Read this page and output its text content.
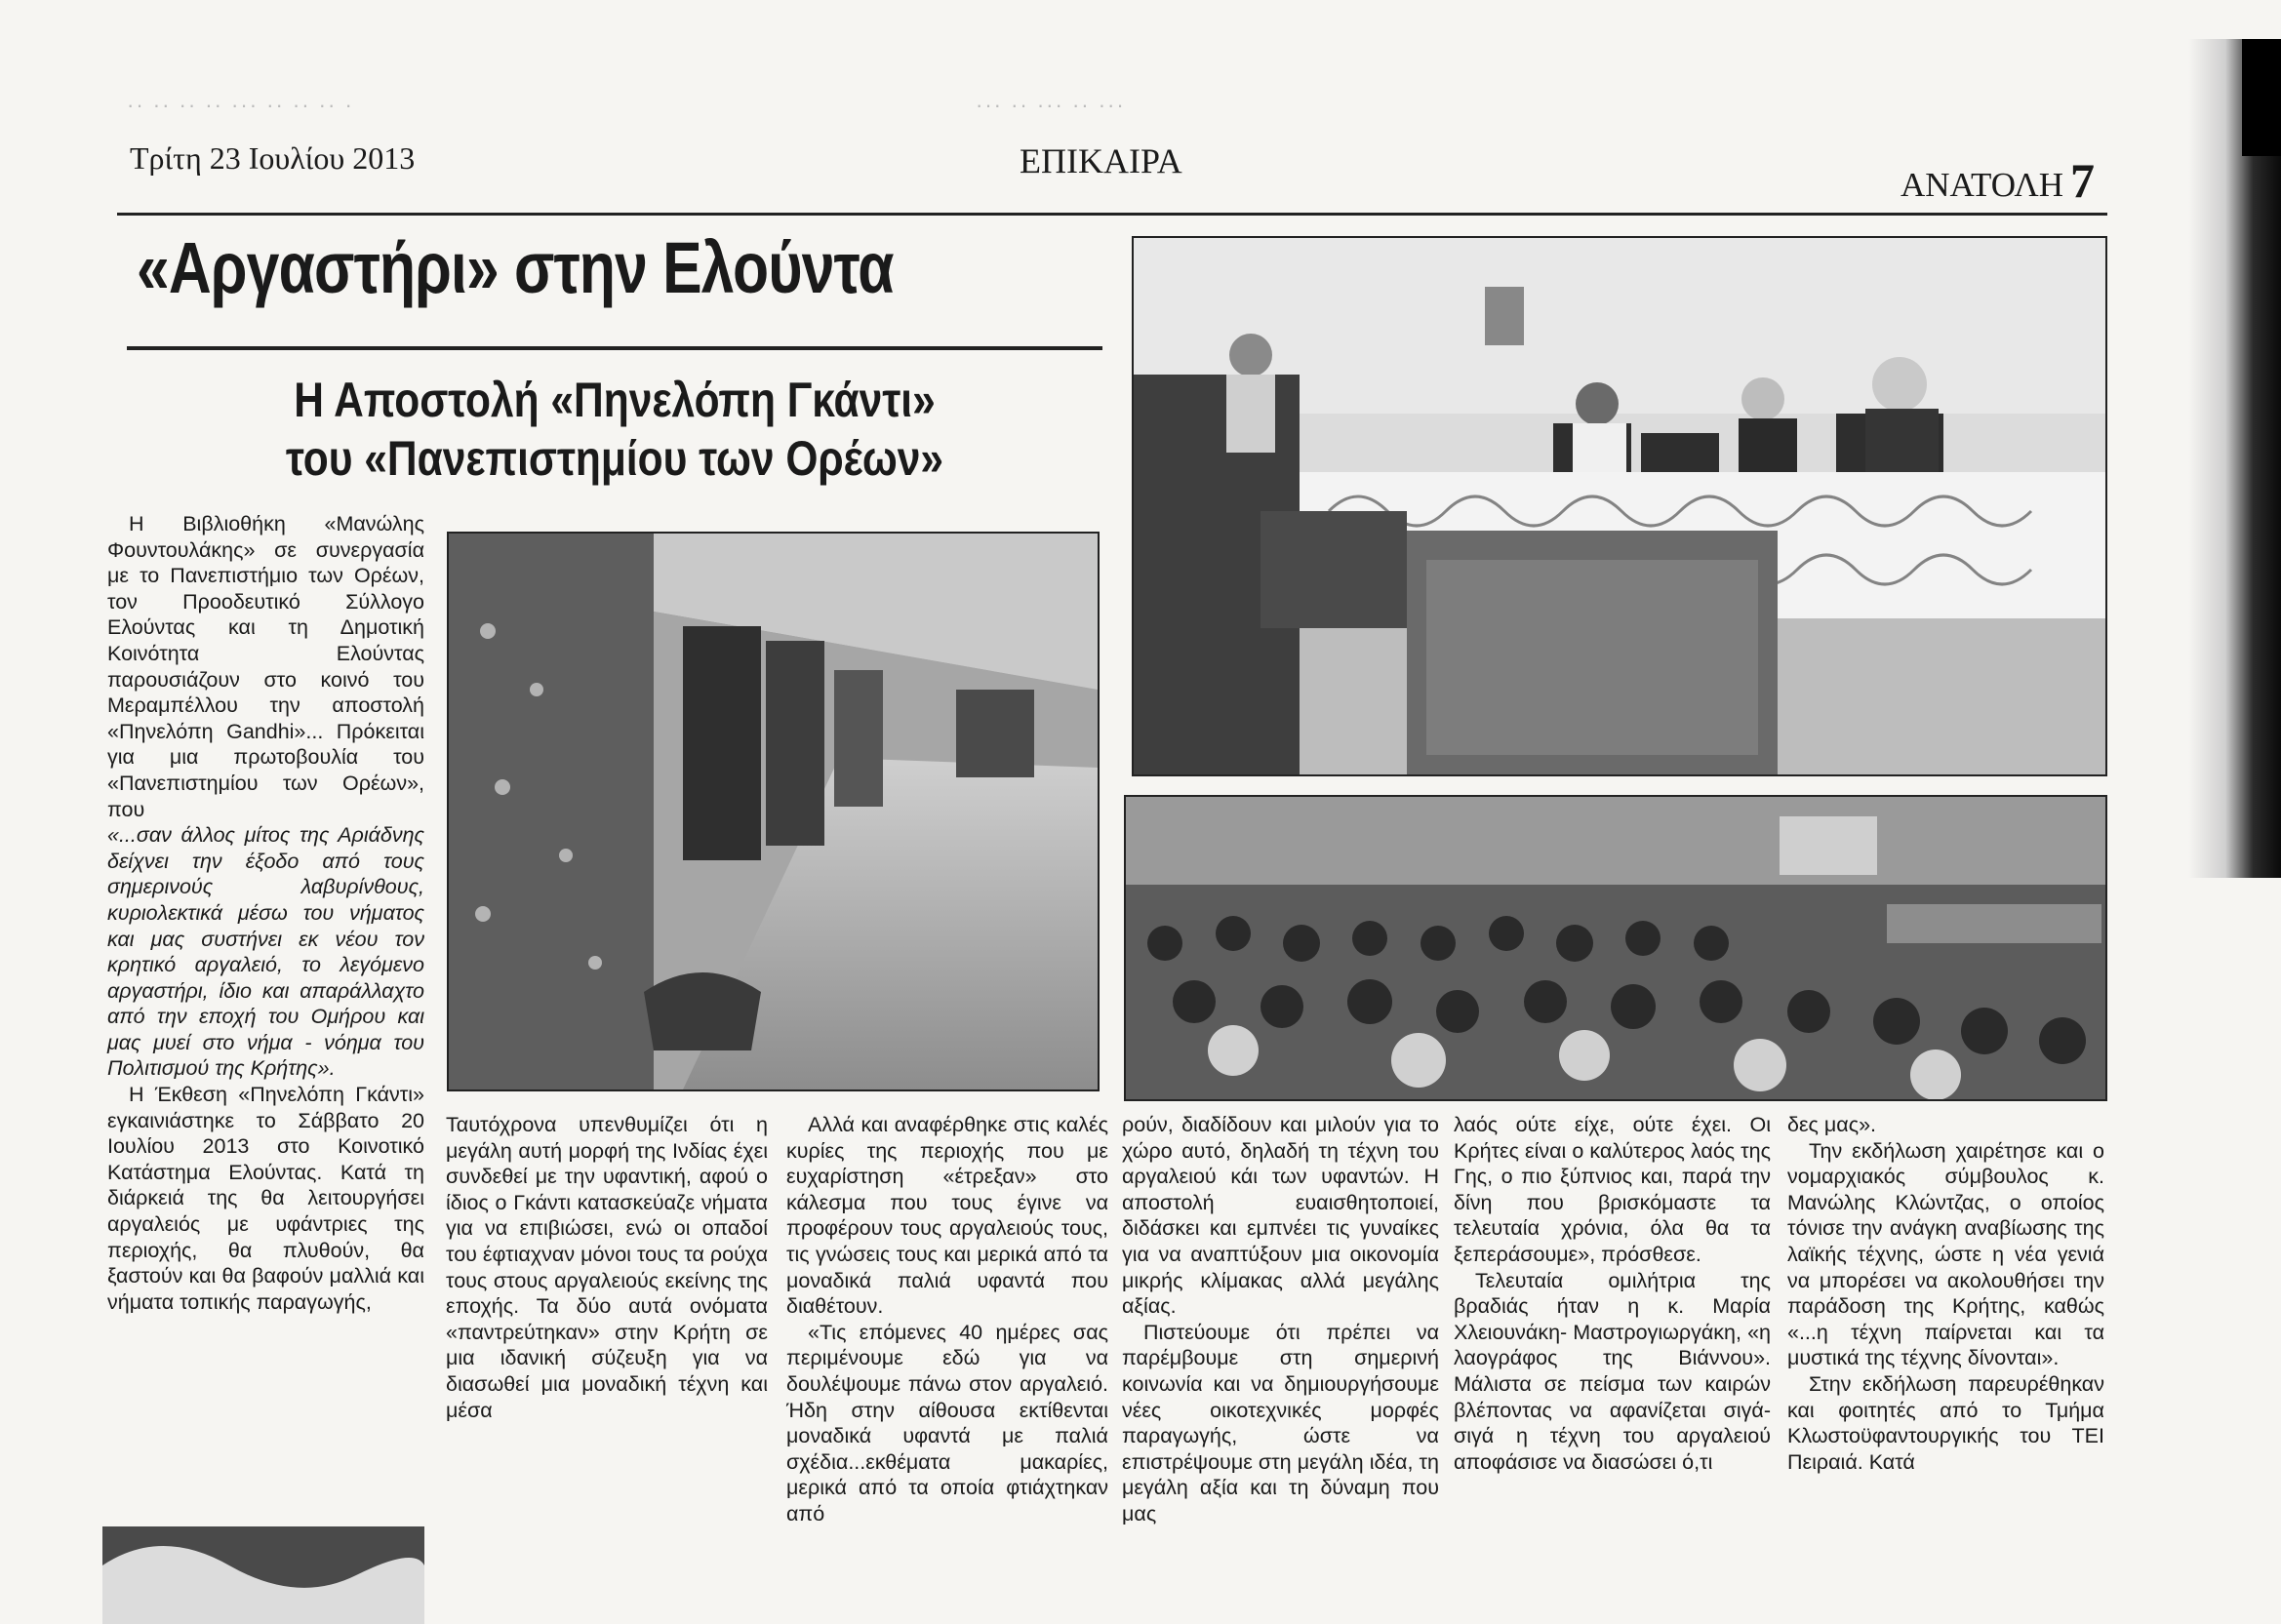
·· ·· ·· ·· ··· ·· ·· ·· ·	··· ·· ··· ·· ···
Τρίτη 23 Ιουλίου 2013	ΕΠΙΚΑΙΡΑ
ΑΝΑΤΟΛΗ 7
«Αργαστήρι» στην Ελούντα
Η Αποστολή «Πηνελόπη Γκάντι»
του «Πανεπιστημίου των Ορέων»

Η Βιβλιοθήκη «Μανώλης Φουντουλάκης» σε συνεργασία με το Πανεπιστήμιο των Ορέων, τον Προοδευτικό Σύλλογο Ελούντας και τη Δημοτική Κοινότητα Ελούντας παρουσιάζουν στο κοινό του Μεραμπέλλου την αποστολή «Πηνελόπη Gandhi»... Πρόκειται για μια πρωτοβουλία του «Πανεπιστημίου των Ορέων», που

«...σαν άλλος μίτος της Αριάδνης δείχνει την έξοδο από τους σημερινούς λαβυρίνθους, κυριολεκτικά μέσω του νήματος και μας συστήνει εκ νέου τον κρητικό αργαλειό, το λεγόμενο αργαστήρι, ίδιο και απαράλλαχτο από την εποχή του Ομήρου και μας μυεί στο νήμα - νόημα του Πολιτισμού της Κρήτης».

Η Έκθεση «Πηνελόπη Γκάντι» εγκαινιάστηκε το Σάββατο 20 Ιουλίου 2013 στο Κοινοτικό Κατάστημα Ελούντας. Κατά τη διάρκειά της θα λειτουργήσει αργαλειός με υφάντριες της περιοχής, θα πλυθούν, θα ξαστούν και θα βαφούν μαλλιά και νήματα τοπικής παραγωγής,

Ταυτόχρονα υπενθυμίζει ότι η μεγάλη αυτή μορφή της Ινδίας έχει συνδεθεί με την υφαντική, αφού ο ίδιος ο Γκάντι κατασκεύαζε νήματα για να επιβιώσει, ενώ οι οπαδοί του έφτιαχναν μόνοι τους τα ρούχα τους στους αργαλειούς εκείνης της εποχής. Τα δύο αυτά ονόματα «παντρεύτηκαν» στην Κρήτη σε μια ιδανική σύζευξη για να διασωθεί μια μοναδική τέχνη και μέσα

Αλλά και αναφέρθηκε στις καλές κυρίες της περιοχής που με ευχαρίστηση «έτρεξαν» στο κάλεσμα που τους έγινε να προφέρουν τους αργαλειούς τους, τις γνώσεις τους και μερικά από τα μοναδικά παλιά υφαντά που διαθέτουν.

«Τις επόμενες 40 ημέρες σας περιμένουμε εδώ για να δουλέψουμε πάνω στον αργαλειό. Ήδη στην αίθουσα εκτίθενται μοναδικά υφαντά με παλιά σχέδια...εκθέματα μακαρίες, μερικά από τα οποία φτιάχτηκαν από

ρούν, διαδίδουν και μιλούν για το χώρο αυτό, δηλαδή τη τέχνη του αργαλειού κάι των υφαντών. Η αποστολή ευαισθητοποιεί, διδάσκει και εμπνέει τις γυναίκες για να αναπτύξουν μια οικονομία μικρής κλίμακας αλλά μεγάλης αξίας.

Πιστεύουμε ότι πρέπει να παρέμβουμε στη σημερινή κοινωνία και να δημιουργήσουμε νέες οικοτεχνικές μορφές παραγωγής, ώστε να επιστρέψουμε στη μεγάλη ιδέα, τη μεγάλη αξία και τη δύναμη που μας

λαός ούτε είχε, ούτε έχει. Οι Κρήτες είναι ο καλύτερος λαός της Γης, ο πιο ξύπνιος και, παρά την δίνη που βρισκόμαστε τα τελευταία χρόνια, όλα θα τα ξεπεράσουμε», πρόσθεσε.

Τελευταία ομιλήτρια της βραδιάς ήταν η κ. Μαρία Χλειουνάκη- Μαστρογιωργάκη, «η λαογράφος της Βιάννου». Μάλιστα σε πείσμα των καιρών βλέποντας να αφανίζεται σιγά- σιγά η τέχνη του αργαλειού αποφάσισε να διασώσει ό,τι

δες μας».

Την εκδήλωση χαιρέτησε και ο νομαρχιακός σύμβουλος κ. Μανώλης Κλώντζας, ο οποίος τόνισε την ανάγκη αναβίωσης της λαϊκής τέχνης, ώστε η νέα γενιά να μπορέσει να ακολουθήσει την παράδοση της Κρήτης, καθώς «...η τέχνη παίρνεται και τα μυστικά της τέχνης δίνονται».

Στην εκδήλωση παρευρέθηκαν και φοιτητές από το Τμήμα Κλωστοϋφαντουργικής του ΤΕΙ Πειραιά. Κατά
